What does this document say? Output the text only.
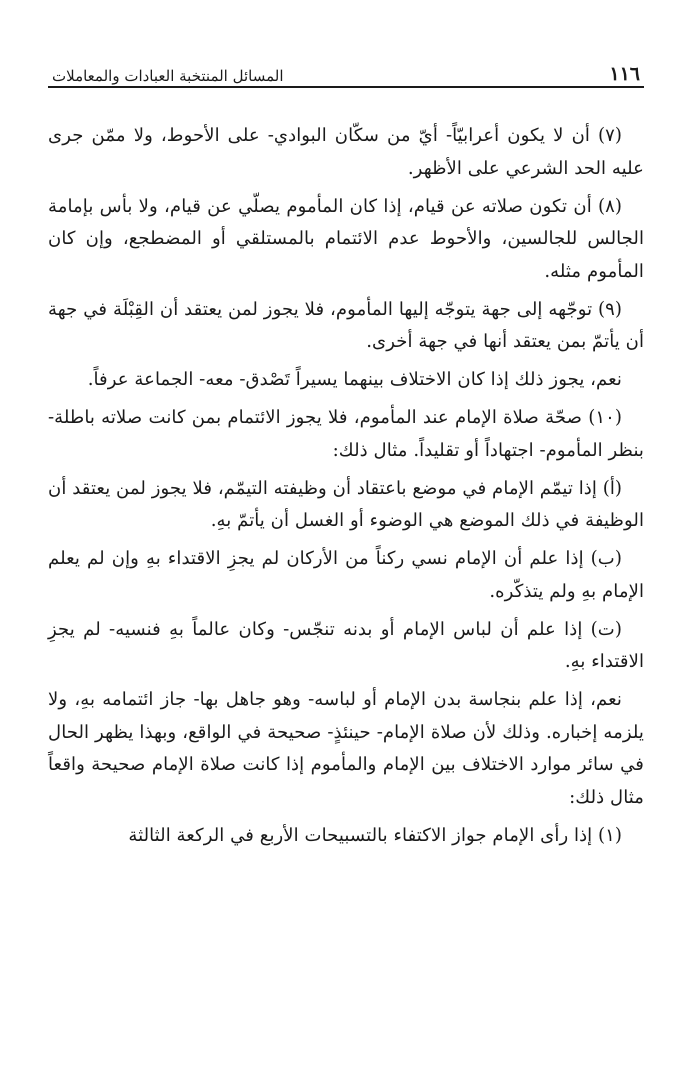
١١٦
المسائل المنتخبة العبادات والمعاملات

(٧) أن لا يكون أعرابيّاً- أيّ من سكّان البوادي- على الأحوط، ولا ممّن جرى عليه الحد الشرعي على الأظهر.

(٨) أن تكون صلاته عن قيام، إذا كان المأموم يصلّي عن قيام، ولا بأس بإمامة الجالس للجالسين، والأحوط عدم الائتمام بالمستلقي أو المضطجع، وإن كان المأموم مثله.

(٩) توجّهه إلى جهة يتوجّه إليها المأموم، فلا يجوز لمن يعتقد أن القِبْلَة في جهة أن يأتمّ بمن يعتقد أنها في جهة أخرى.

نعم، يجوز ذلك إذا كان الاختلاف بينهما يسيراً تَصْدق- معه- الجماعة عرفاً.

(١٠) صحّة صلاة الإمام عند المأموم، فلا يجوز الائتمام بمن كانت صلاته باطلة- بنظر المأموم- اجتهاداً أو تقليداً. مثال ذلك:

(أ) إذا تيمّم الإمام في موضع باعتقاد أن وظيفته التيمّم، فلا يجوز لمن يعتقد أن الوظيفة في ذلك الموضع هي الوضوء أو الغسل أن يأتمّ بهِ.

(ب) إذا علم أن الإمام نسي ركناً من الأركان لم يجزِ الاقتداء بهِ وإن لم يعلم الإمام بهِ ولم يتذكّره.

(ت) إذا علم أن لباس الإمام أو بدنه تنجّس- وكان عالماً بهِ فنسيه- لم يجزِ الاقتداء بهِ.

نعم، إذا علم بنجاسة بدن الإمام أو لباسه- وهو جاهل بها- جاز ائتمامه بهِ، ولا يلزمه إخباره. وذلك لأن صلاة الإمام- حينئذٍ- صحيحة في الواقع، وبهذا يظهر الحال في سائر موارد الاختلاف بين الإمام والمأموم إذا كانت صلاة الإمام صحيحة واقعاً مثال ذلك:

(١) إذا رأى الإمام جواز الاكتفاء بالتسبيحات الأربع في الركعة الثالثة
